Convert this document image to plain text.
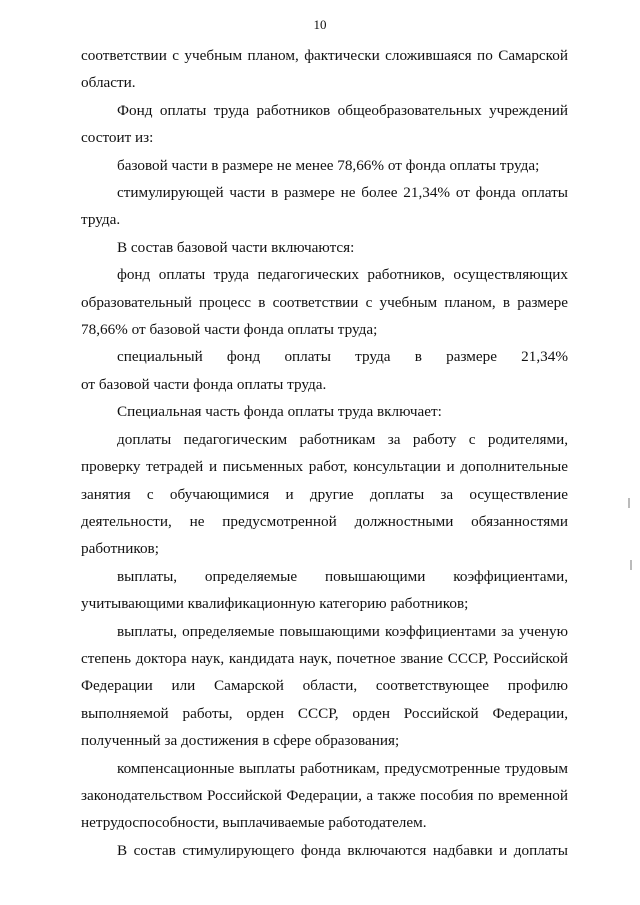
10
соответствии с учебным планом, фактически сложившаяся по Самарской
области.
Фонд оплаты труда работников общеобразовательных учреждений
состоит из:
базовой части в размере не менее 78,66% от фонда оплаты труда;
стимулирующей части в размере не более 21,34% от фонда оплаты
труда.
В состав базовой части включаются:
фонд оплаты труда педагогических работников, осуществляющих
образовательный процесс в соответствии с учебным планом, в размере
78,66% от базовой части фонда оплаты труда;
специальный фонд оплаты труда в размере 21,34%
от базовой части фонда оплаты труда.
Специальная часть фонда оплаты труда включает:
доплаты педагогическим работникам за работу с родителями,
проверку тетрадей и письменных работ, консультации и дополнительные
занятия с обучающимися и другие доплаты за осуществление
деятельности, не предусмотренной должностными обязанностями
работников;
выплаты, определяемые повышающими коэффициентами,
учитывающими квалификационную категорию работников;
выплаты, определяемые повышающими коэффициентами за ученую
степень доктора наук, кандидата наук, почетное звание СССР, Российской
Федерации или Самарской области, соответствующее профилю
выполняемой работы, орден СССР, орден Российской Федерации,
полученный за достижения в сфере образования;
компенсационные выплаты работникам, предусмотренные трудовым
законодательством Российской Федерации, а также пособия по временной
нетрудоспособности, выплачиваемые работодателем.
В состав стимулирующего фонда включаются надбавки и доплаты
